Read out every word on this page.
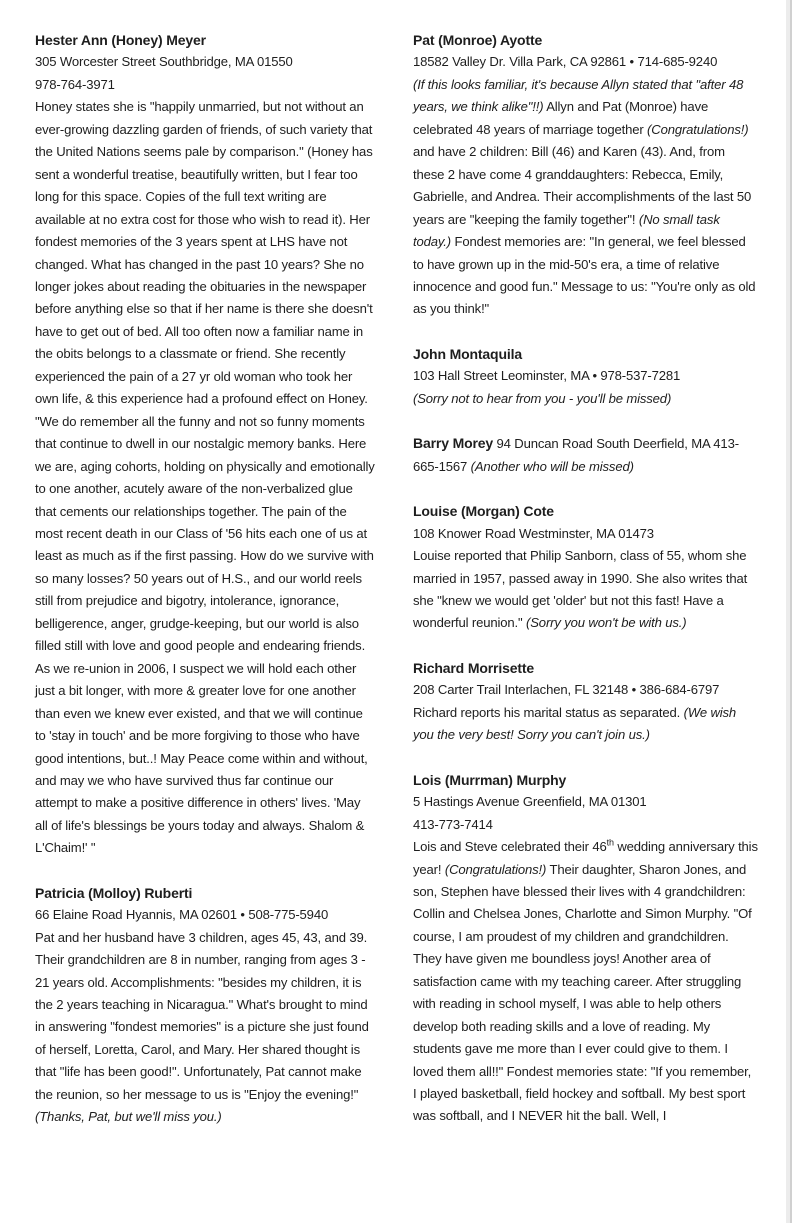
Hester Ann (Honey) Meyer
305 Worcester Street Southbridge, MA 01550
978-764-3971
Honey states she is "happily unmarried, but not without an ever-growing dazzling garden of friends, of such variety that the United Nations seems pale by comparison." (Honey has sent a wonderful treatise, beautifully written, but I fear too long for this space. Copies of the full text writing are available at no extra cost for those who wish to read it). Her fondest memories of the 3 years spent at LHS have not changed. What has changed in the past 10 years? She no longer jokes about reading the obituaries in the newspaper before anything else so that if her name is there she doesn't have to get out of bed. All too often now a familiar name in the obits belongs to a classmate or friend. She recently experienced the pain of a 27 yr old woman who took her own life, & this experience had a profound effect on Honey. "We do remember all the funny and not so funny moments that continue to dwell in our nostalgic memory banks. Here we are, aging cohorts, holding on physically and emotionally to one another, acutely aware of the non-verbalized glue that cements our relationships together. The pain of the most recent death in our Class of '56 hits each one of us at least as much as if the first passing. How do we survive with so many losses? 50 years out of H.S., and our world reels still from prejudice and bigotry, intolerance, ignorance, belligerence, anger, grudge-keeping, but our world is also filled still with love and good people and endearing friends. As we re-union in 2006, I suspect we will hold each other just a bit longer, with more & greater love for one another than even we knew ever existed, and that we will continue to 'stay in touch' and be more forgiving to those who have good intentions, but..! May Peace come within and without, and may we who have survived thus far continue our attempt to make a positive difference in others' lives. 'May all of life's blessings be yours today and always. Shalom & L'Chaim!' "
Patricia (Molloy) Ruberti
66 Elaine Road Hyannis, MA 02601 • 508-775-5940
Pat and her husband have 3 children, ages 45, 43, and 39. Their grandchildren are 8 in number, ranging from ages 3 - 21 years old. Accomplishments: "besides my children, it is the 2 years teaching in Nicaragua." What's brought to mind in answering "fondest memories" is a picture she just found of herself, Loretta, Carol, and Mary. Her shared thought is that "life has been good!". Unfortunately, Pat cannot make the reunion, so her message to us is "Enjoy the evening!" (Thanks, Pat, but we'll miss you.)
Pat (Monroe) Ayotte
18582 Valley Dr. Villa Park, CA 92861 • 714-685-9240
(If this looks familiar, it's because Allyn stated that "after 48 years, we think alike"!!) Allyn and Pat (Monroe) have celebrated 48 years of marriage together (Congratulations!) and have 2 children: Bill (46) and Karen (43). And, from these 2 have come 4 granddaughters: Rebecca, Emily, Gabrielle, and Andrea. Their accomplishments of the last 50 years are "keeping the family together"! (No small task today.) Fondest memories are: "In general, we feel blessed to have grown up in the mid-50's era, a time of relative innocence and good fun." Message to us: "You're only as old as you think!"
John Montaquila
103 Hall Street Leominster, MA • 978-537-7281
(Sorry not to hear from you - you'll be missed)
Barry Morey 94 Duncan Road South Deerfield, MA 413-665-1567 (Another who will be missed)
Louise (Morgan) Cote
108 Knower Road Westminster, MA 01473
Louise reported that Philip Sanborn, class of 55, whom she married in 1957, passed away in 1990. She also writes that she "knew we would get 'older' but not this fast! Have a wonderful reunion." (Sorry you won't be with us.)
Richard Morrisette
208 Carter Trail Interlachen, FL 32148 • 386-684-6797
Richard reports his marital status as separated. (We wish you the very best! Sorry you can't join us.)
Lois (Murrman) Murphy
5 Hastings Avenue Greenfield, MA 01301
413-773-7414
Lois and Steve celebrated their 46th wedding anniversary this year! (Congratulations!) Their daughter, Sharon Jones, and son, Stephen have blessed their lives with 4 grandchildren: Collin and Chelsea Jones, Charlotte and Simon Murphy. "Of course, I am proudest of my children and grandchildren. They have given me boundless joys! Another area of satisfaction came with my teaching career. After struggling with reading in school myself, I was able to help others develop both reading skills and a love of reading. My students gave me more than I ever could give to them. I loved them all!!" Fondest memories state: "If you remember, I played basketball, field hockey and softball. My best sport was softball, and I NEVER hit the ball. Well, I
